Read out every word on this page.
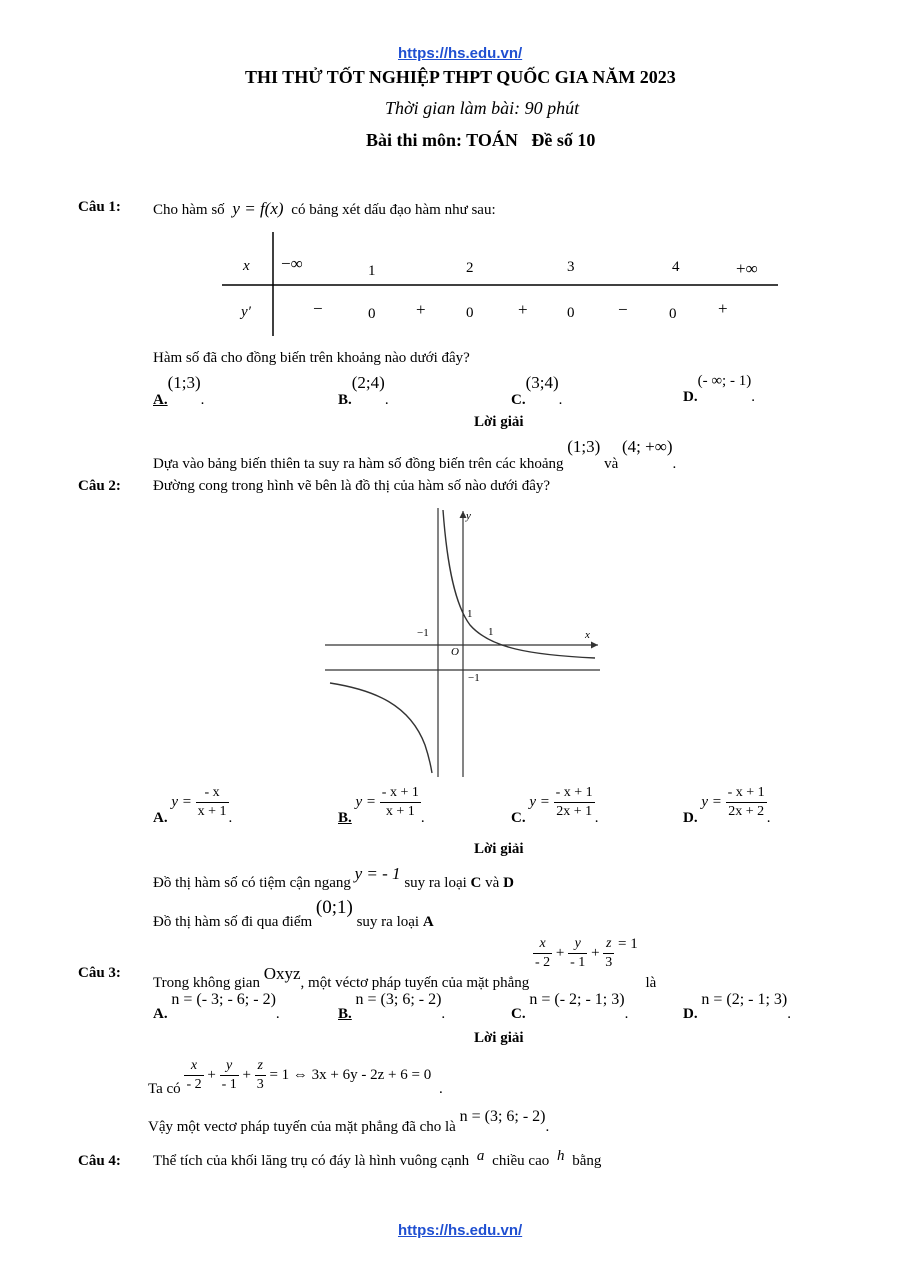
https://hs.edu.vn/
THI THỬ TỐT NGHIỆP THPT QUỐC GIA NĂM 2023
Thời gian làm bài: 90 phút
Bài thi môn: TOÁN   Đề số 10
Câu 1: Cho hàm số y = f(x) có bảng xét dấu đạo hàm như sau:
x −∞	1	2	3	4	+∞
y′	−	0 +	0	+	0	−	0 +
Hàm số đã cho đồng biến trên khoảng nào dưới đây?
A.(1;3).	B.(2;4).	C.(3;4).	D.(- ∞; - 1).
Lời giải
Dựa vào bảng biến thiên ta suy ra hàm số đồng biến trên các khoảng (1;3) và (4; +∞).
Câu 2: Đường cong trong hình vẽ bên là đồ thị của hàm số nào dưới đây?
y
x
O
−1	1
1
−1
A. $y = \frac{- x}{x + 1}$ .	B. $y = \frac{- x + 1}{x + 1}$ .	C. $y = \frac{- x + 1}{2x + 1}$ .	D. $y = \frac{- x + 1}{2x + 2}$ .
Lời giải
Đồ thị hàm số có tiệm cận ngang y = - 1 suy ra loại C và D
Đồ thị hàm số đi qua điểm (0;1) suy ra loại A
Câu 3:
Trong không gian Oxyz, một véctơ pháp tuyến của mặt phẳng
$\frac{x}{- 2} + \frac{y}{- 1} + \frac{z}{3} = 1$ là
A. n = (- 3; - 6; - 2).	B. n = (3; 6; - 2).	C. n = (- 2; - 1; 3).	D. n = (2; - 1; 3).
Lời giải
Ta có $\frac{x}{- 2} + \frac{y}{- 1} + \frac{z}{3} = 1$ ⇔ 3x + 6y - 2z + 6 = 0 .
Vậy một vectơ pháp tuyến của mặt phẳng đã cho là n = (3; 6; - 2).
Câu 4: Thể tích của khối lăng trụ có đáy là hình vuông cạnh a chiều cao h bằng
https://hs.edu.vn/
